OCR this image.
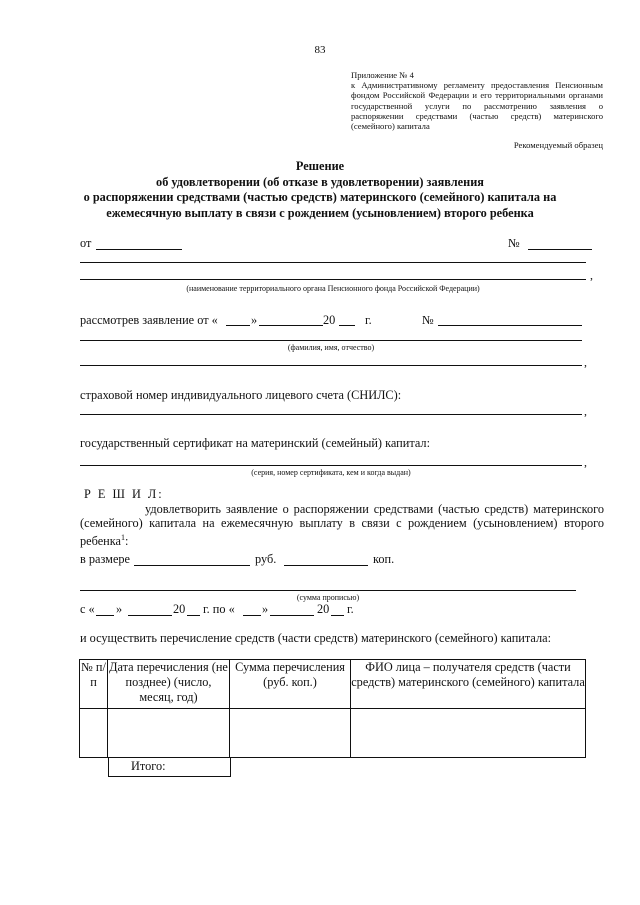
83
Приложение № 4
к Административному регламенту предоставления Пенсионным фондом Российской Федерации и его территориальными органами государственной услуги по рассмотрению заявления о распоряжении средствами (частью средств) материнского (семейного) капитала
Рекомендуемый образец
Решение
об удовлетворении (об отказе в удовлетворении) заявления
о распоряжении средствами (частью средств) материнского (семейного) капитала на
ежемесячную выплату в связи с рождением (усыновлением) второго ребенка
от	№
,
(наименование территориального органа Пенсионного фонда Российской Федерации)
рассмотрев заявление от «	»	20 г.	№
(фамилия, имя, отчество)
,
страховой номер индивидуального лицевого счета (СНИЛС):
,
государственный сертификат на материнский (семейный) капитал:
,
(серия, номер сертификата, кем и когда выдан)
Р Е Ш И Л:
удовлетворить заявление о распоряжении средствами (частью средств) материнского (семейного) капитала на ежемесячную выплату в связи с рождением (усыновлением) второго ребенка$^1$:
в размере	руб.	коп.
(сумма прописью)
с « »	20 г. по « »	20 г.
и осуществить перечисление средств (части средств) материнского (семейного) капитала:
№ п/п	Дата перечисления (не позднее) (число, месяц, год)	Сумма перечисления (руб. коп.)	ФИО лица – получателя средств (части средств) материнского (семейного) капитала

Итого:
